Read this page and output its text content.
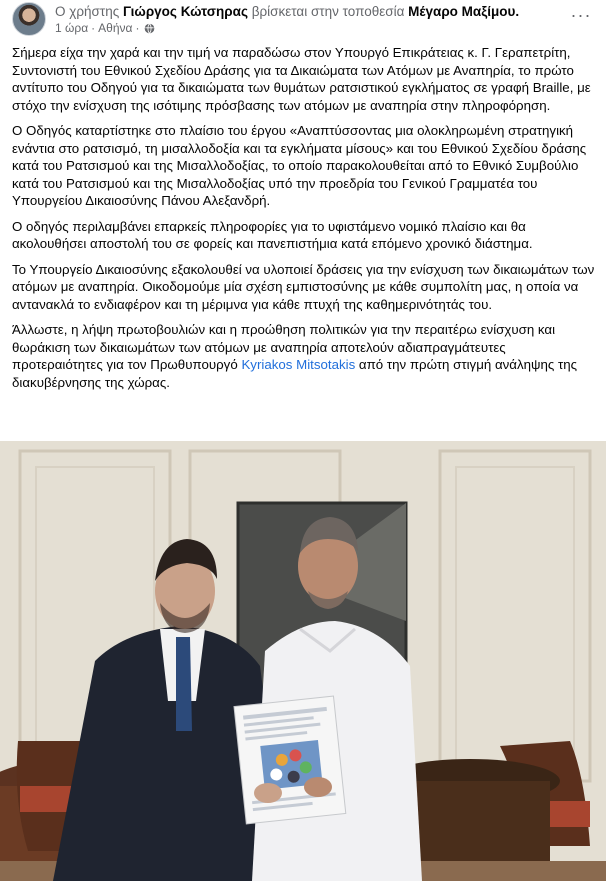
Ο χρήστης Γιώργος Κώτσηρας βρίσκεται στην τοποθεσία Μέγαρο Μαξίμου.
1 ώρα · Αθήνα ·
···

Σήμερα είχα την χαρά και την τιμή να παραδώσω στον Υπουργό Επικράτειας κ. Γ. Γεραπετρίτη, Συντονιστή του Εθνικού Σχεδίου Δράσης για τα Δικαιώματα των Ατόμων με Αναπηρία, το πρώτο αντίτυπο του Οδηγού για τα δικαιώματα των θυμάτων ρατσιστικού εγκλήματος σε γραφή Braille, με στόχο την ενίσχυση της ισότιμης πρόσβασης των ατόμων με αναπηρία στην πληροφόρηση.

Ο Οδηγός καταρτίστηκε στο πλαίσιο του έργου «Αναπτύσσοντας μια ολοκληρωμένη στρατηγική ενάντια στο ρατσισμό, τη μισαλλοδοξία και τα εγκλήματα μίσους» και του Εθνικού Σχεδίου δράσης κατά του Ρατσισμού και της Μισαλλοδοξίας, το οποίο παρακολουθείται από το Εθνικό Συμβούλιο κατά του Ρατσισμού και της Μισαλλοδοξίας υπό την προεδρία του Γενικού Γραμματέα του Υπουργείου Δικαιοσύνης Πάνου Αλεξανδρή.

Ο οδηγός περιλαμβάνει επαρκείς πληροφορίες για το υφιστάμενο νομικό πλαίσιο και θα ακολουθήσει αποστολή του σε φορείς και πανεπιστήμια κατά επόμενο χρονικό διάστημα.

Το Υπουργείο Δικαιοσύνης εξακολουθεί να υλοποιεί δράσεις για την ενίσχυση των δικαιωμάτων των ατόμων με αναπηρία. Οικοδομούμε μία σχέση εμπιστοσύνης με κάθε συμπολίτη μας, η οποία να αντανακλά το ενδιαφέρον και τη μέριμνα για κάθε πτυχή της καθημερινότητάς του.

Άλλωστε, η λήψη πρωτοβουλιών και η προώθηση πολιτικών για την περαιτέρω ενίσχυση και θωράκιση των δικαιωμάτων των ατόμων με αναπηρία αποτελούν αδιαπραγμάτευτες προτεραιότητες για τον Πρωθυπουργό Kyriakos Mitsotakis από την πρώτη στιγμή ανάληψης της διακυβέρνησης της χώρας.
